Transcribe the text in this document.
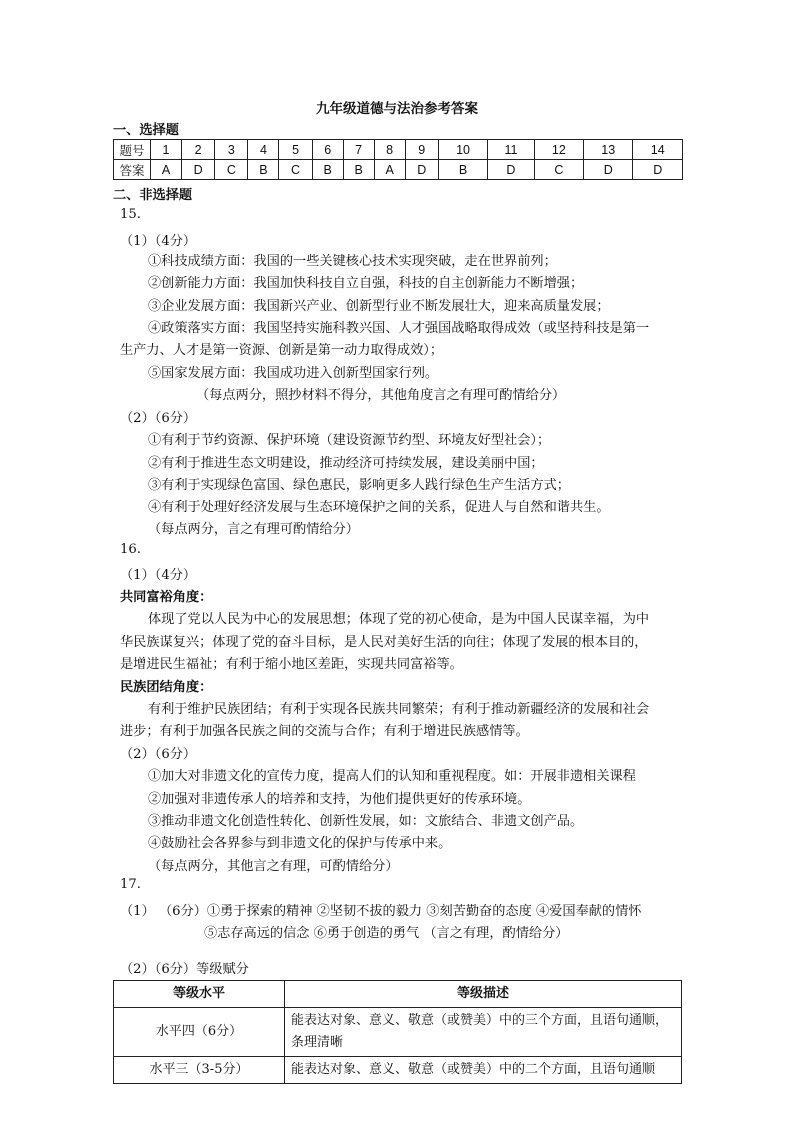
九年级道德与法治参考答案
一、选择题
题号	1	2	3	4	5	6	7	8	9	10	11	12	13	14
答案	A	D	C	B	C	B	B	A	D	B	D	C	D	D
二、非选择题
15.
（1）（4分）
①科技成绩方面：我国的一些关键核心技术实现突破，走在世界前列；
②创新能力方面：我国加快科技自立自强，科技的自主创新能力不断增强；
③企业发展方面：我国新兴产业、创新型行业不断发展壮大，迎来高质量发展；
④政策落实方面：我国坚持实施科教兴国、人才强国战略取得成效（或坚持科技是第一
生产力、人才是第一资源、创新是第一动力取得成效）；
⑤国家发展方面：我国成功进入创新型国家行列。
（每点两分，照抄材料不得分，其他角度言之有理可酌情给分）
（2）（6分）
①有利于节约资源、保护环境（建设资源节约型、环境友好型社会）；
②有利于推进生态文明建设，推动经济可持续发展，建设美丽中国；
③有利于实现绿色富国、绿色惠民，影响更多人践行绿色生产生活方式；
④有利于处理好经济发展与生态环境保护之间的关系，促进人与自然和谐共生。
（每点两分，言之有理可酌情给分）
16.
（1）（4分）
共同富裕角度：
体现了党以人民为中心的发展思想；体现了党的初心使命，是为中国人民谋幸福，为中
华民族谋复兴；体现了党的奋斗目标，是人民对美好生活的向往；体现了发展的根本目的，
是增进民生福祉；有利于缩小地区差距，实现共同富裕等。
民族团结角度：
有利于维护民族团结；有利于实现各民族共同繁荣；有利于推动新疆经济的发展和社会
进步；有利于加强各民族之间的交流与合作；有利于增进民族感情等。
（2）（6分）
①加大对非遗文化的宣传力度，提高人们的认知和重视程度。如：开展非遗相关课程
②加强对非遗传承人的培养和支持，为他们提供更好的传承环境。
③推动非遗文化创造性转化、创新性发展，如：文旅结合、非遗文创产品。
④鼓励社会各界参与到非遗文化的保护与传承中来。
（每点两分，其他言之有理，可酌情给分）
17.
（1） （6分）①勇于探索的精神 ②坚韧不拔的毅力 ③刻苦勤奋的态度 ④爱国奉献的情怀
⑤志存高远的信念 ⑥勇于创造的勇气 （言之有理，酌情给分）
（2）（6分）等级赋分
等级水平	等级描述
水平四（6分）	能表达对象、意义、敬意（或赞美）中的三个方面，且语句通顺，条理清晰
水平三（3-5分）	能表达对象、意义、敬意（或赞美）中的二个方面，且语句通顺
